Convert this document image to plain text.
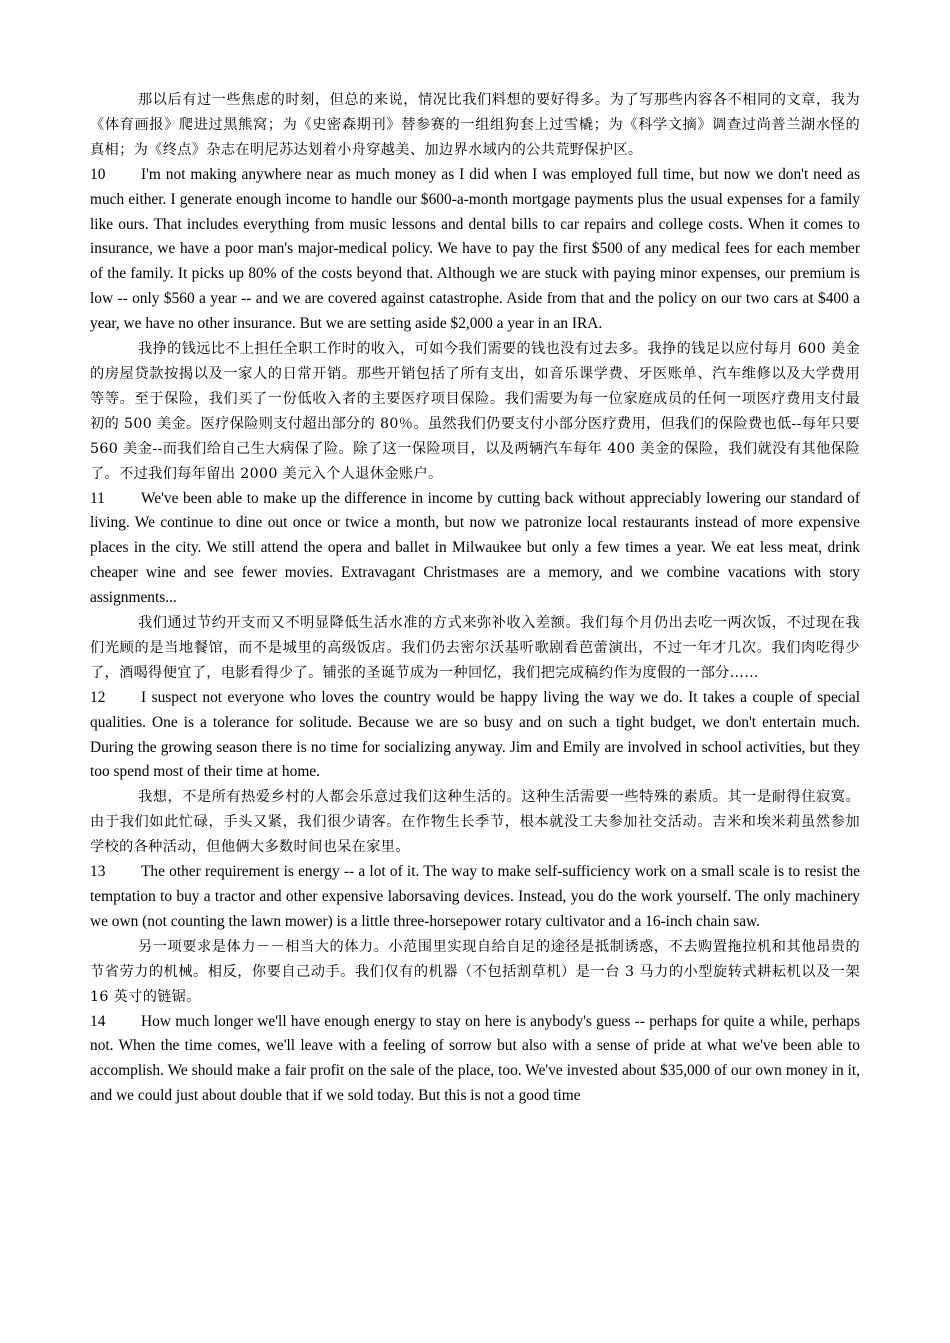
那以后有过一些焦虑的时刻，但总的来说，情况比我们料想的要好得多。为了写那些内容各不相同的文章，我为《体育画报》爬进过黑熊窝；为《史密森期刊》替参赛的一组组狗套上过雪橇；为《科学文摘》调查过尚普兰湖水怪的真相；为《终点》杂志在明尼苏达划着小舟穿越美、加边界水域内的公共荒野保护区。

10 I'm not making anywhere near as much money as I did when I was employed full time, but now we don't need as much either. I generate enough income to handle our $600-a-month mortgage payments plus the usual expenses for a family like ours. That includes everything from music lessons and dental bills to car repairs and college costs. When it comes to insurance, we have a poor man's major-medical policy. We have to pay the first $500 of any medical fees for each member of the family. It picks up 80% of the costs beyond that. Although we are stuck with paying minor expenses, our premium is low -- only $560 a year -- and we are covered against catastrophe. Aside from that and the policy on our two cars at $400 a year, we have no other insurance. But we are setting aside $2,000 a year in an IRA.

我挣的钱远比不上担任全职工作时的收入，可如今我们需要的钱也没有过去多。我挣的钱足以应付每月 600 美金的房屋贷款按揭以及一家人的日常开销。那些开销包括了所有支出，如音乐课学费、牙医账单、汽车维修以及大学费用等等。至于保险，我们买了一份低收入者的主要医疗项目保险。我们需要为每一位家庭成员的任何一项医疗费用支付最初的 500 美金。医疗保险则支付超出部分的 80％。虽然我们仍要支付小部分医疗费用，但我们的保险费也低--每年只要 560 美金--而我们给自己生大病保了险。除了这一保险项目，以及两辆汽车每年 400 美金的保险，我们就没有其他保险了。不过我们每年留出 2000 美元入个人退休金账户。

11 We've been able to make up the difference in income by cutting back without appreciably lowering our standard of living. We continue to dine out once or twice a month, but now we patronize local restaurants instead of more expensive places in the city. We still attend the opera and ballet in Milwaukee but only a few times a year. We eat less meat, drink cheaper wine and see fewer movies. Extravagant Christmases are a memory, and we combine vacations with story assignments...

我们通过节约开支而又不明显降低生活水准的方式来弥补收入差额。我们每个月仍出去吃一两次饭，不过现在我们光顾的是当地餐馆，而不是城里的高级饭店。我们仍去密尔沃基听歌剧看芭蕾演出，不过一年才几次。我们肉吃得少了，酒喝得便宜了，电影看得少了。铺张的圣诞节成为一种回忆，我们把完成稿约作为度假的一部分……

12 I suspect not everyone who loves the country would be happy living the way we do. It takes a couple of special qualities. One is a tolerance for solitude. Because we are so busy and on such a tight budget, we don't entertain much. During the growing season there is no time for socializing anyway. Jim and Emily are involved in school activities, but they too spend most of their time at home.

我想，不是所有热爱乡村的人都会乐意过我们这种生活的。这种生活需要一些特殊的素质。其一是耐得住寂寞。由于我们如此忙碌，手头又紧，我们很少请客。在作物生长季节，根本就没工夫参加社交活动。吉米和埃米莉虽然参加学校的各种活动，但他俩大多数时间也呆在家里。

13 The other requirement is energy -- a lot of it. The way to make self-sufficiency work on a small scale is to resist the temptation to buy a tractor and other expensive laborsaving devices. Instead, you do the work yourself. The only machinery we own (not counting the lawn mower) is a little three-horsepower rotary cultivator and a 16-inch chain saw.

另一项要求是体力－－相当大的体力。小范围里实现自给自足的途径是抵制诱惑，不去购置拖拉机和其他昂贵的节省劳力的机械。相反，你要自己动手。我们仅有的机器（不包括割草机）是一台 3 马力的小型旋转式耕耘机以及一架 16 英寸的链锯。

14 How much longer we'll have enough energy to stay on here is anybody's guess -- perhaps for quite a while, perhaps not. When the time comes, we'll leave with a feeling of sorrow but also with a sense of pride at what we've been able to accomplish. We should make a fair profit on the sale of the place, too. We've invested about $35,000 of our own money in it, and we could just about double that if we sold today. But this is not a good time
